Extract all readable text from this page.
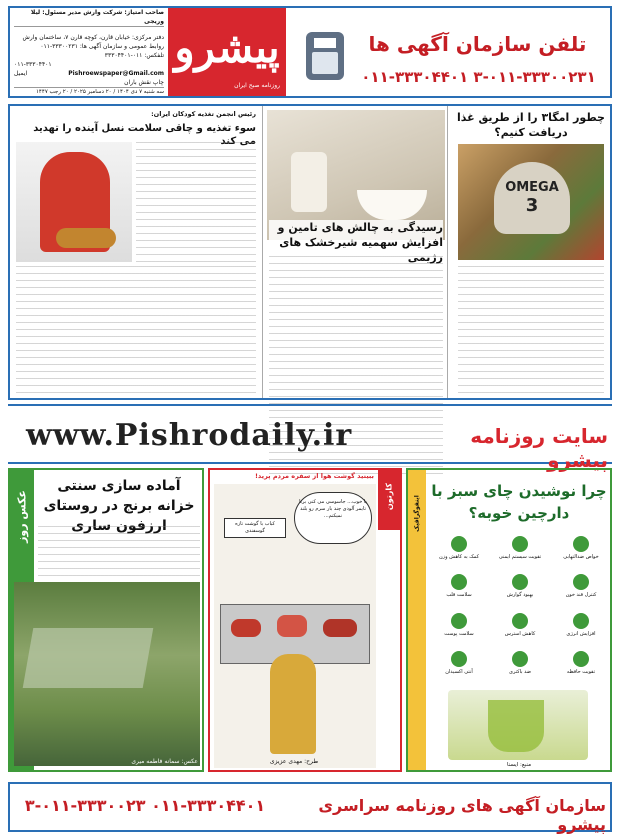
پیشرو
روزنامه صبح ایران
صاحب امتیاز: شرکت وارش مدیر مسئول: لیلا وریجی
دفتر مرکزی: خیابان قارن، کوچه قارن ۷، ساختمان وارش
روابط عمومی و سازمان آگهی ها: ۳۳۳۰۰۲۳۱-۰۱۱
تلفکس: ۰۱۱-۳۳۳۰۴۴۰۱
۰۱۱-۳۳۳۰۴۴۰۱
ایمیل	Pishroewspaper@Gmail.com
چاپ نقش باران
سه شنبه ۷ دی ۱۴۰۴ / ۲۰ دسامبر ۲۰۲۵ / ۲۰ رجب ۱۴۴۷
تلفن سازمان آگهی ها
۳-۰۱۱-۳۳۳۰۰۲۳۱ ۰۱۱-۳۳۳۰۴۴۰۱
چطور امگا۳ را از طریق غذا دریافت کنیم؟
OMEGA
3
رسیدگی به چالش های تامین و افزایش سهمیه شیرخشک های رژیمی
رئیس انجمن تغذیه کودکان ایران:
سوء تغذیه و چاقی سلامت نسل آینده را تهدید می کند
www.Pishrodaily.ir	سایت روزنامه پیشرو
عکس روز
آماده سازی سنتی خزانه برنج در روستای ارزفون ساری
عکس: سمانه فاطمه میری
ببینید گوشت هوا از سفره مردم پرید!
کارتون
یا خوب... جاسوسی می کنی برنا تایمر آلودی چند بار سرم رو بلند نمیکنم...
کباب با گوشت تازه گوسفندی
طرح: مهدی عزیزی
اینفوگرافیک
چرا نوشیدن چای سبز با دارچین خوبه؟
خواص ضدالتهابی
تقویت سیستم ایمنی
کمک به کاهش وزن
کنترل قند خون
بهبود گوارش
سلامت قلب
افزایش انرژی
کاهش استرس
سلامت پوست
تقویت حافظه
ضد باکتری
آنتی اکسیدان
منبع: ایسنا
۰۱۱-۳۳۳۰۴۴۰۱ ۳-۰۱۱-۳۳۳۰۰۲۳	سازمان آگهی های روزنامه سراسری پیشرو
